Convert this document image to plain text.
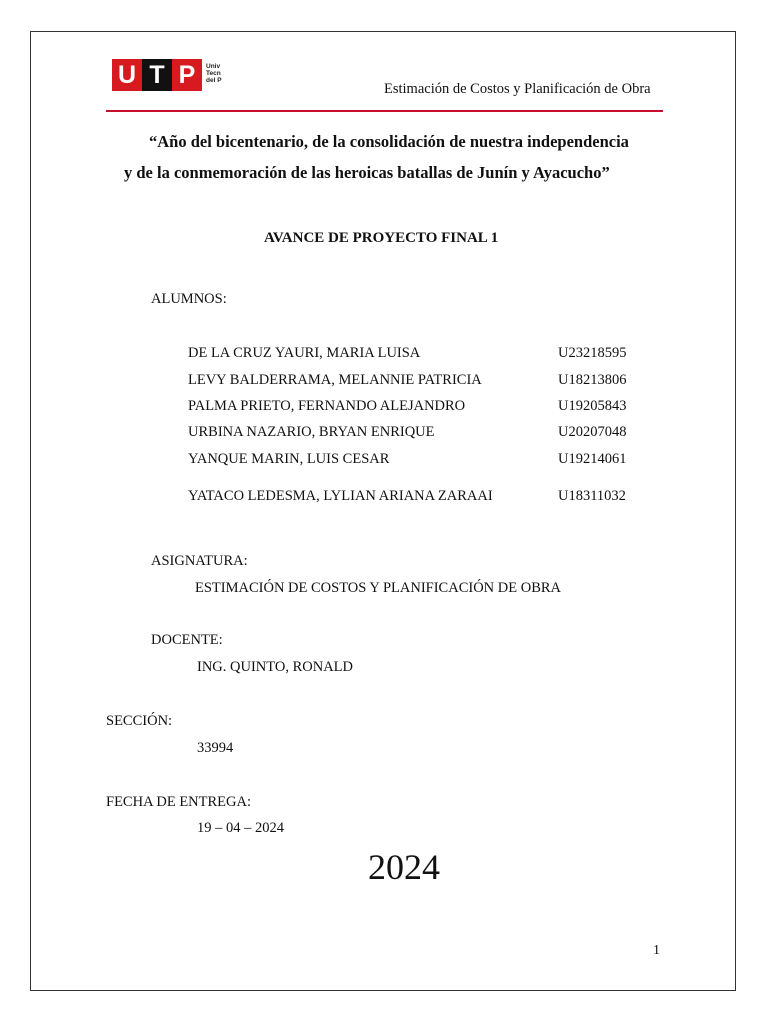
U T P	Univ
Tecn
del P
Estimación de Costos y Planificación de Obra
“Año del bicentenario, de la consolidación de nuestra independencia
y de la conmemoración de las heroicas batallas de Junín y Ayacucho”
AVANCE DE PROYECTO FINAL 1
ALUMNOS:
DE LA CRUZ YAURI, MARIA LUISA	U23218595
LEVY BALDERRAMA, MELANNIE PATRICIA	U18213806
PALMA PRIETO, FERNANDO ALEJANDRO	U19205843
URBINA NAZARIO, BRYAN ENRIQUE	U20207048
YANQUE MARIN, LUIS CESAR	U19214061
YATACO LEDESMA, LYLIAN ARIANA ZARAAI	U18311032
ASIGNATURA:
ESTIMACIÓN DE COSTOS Y PLANIFICACIÓN DE OBRA
DOCENTE:
ING. QUINTO, RONALD
SECCIÓN:
33994
FECHA DE ENTREGA:
19 – 04 – 2024
2024
1
